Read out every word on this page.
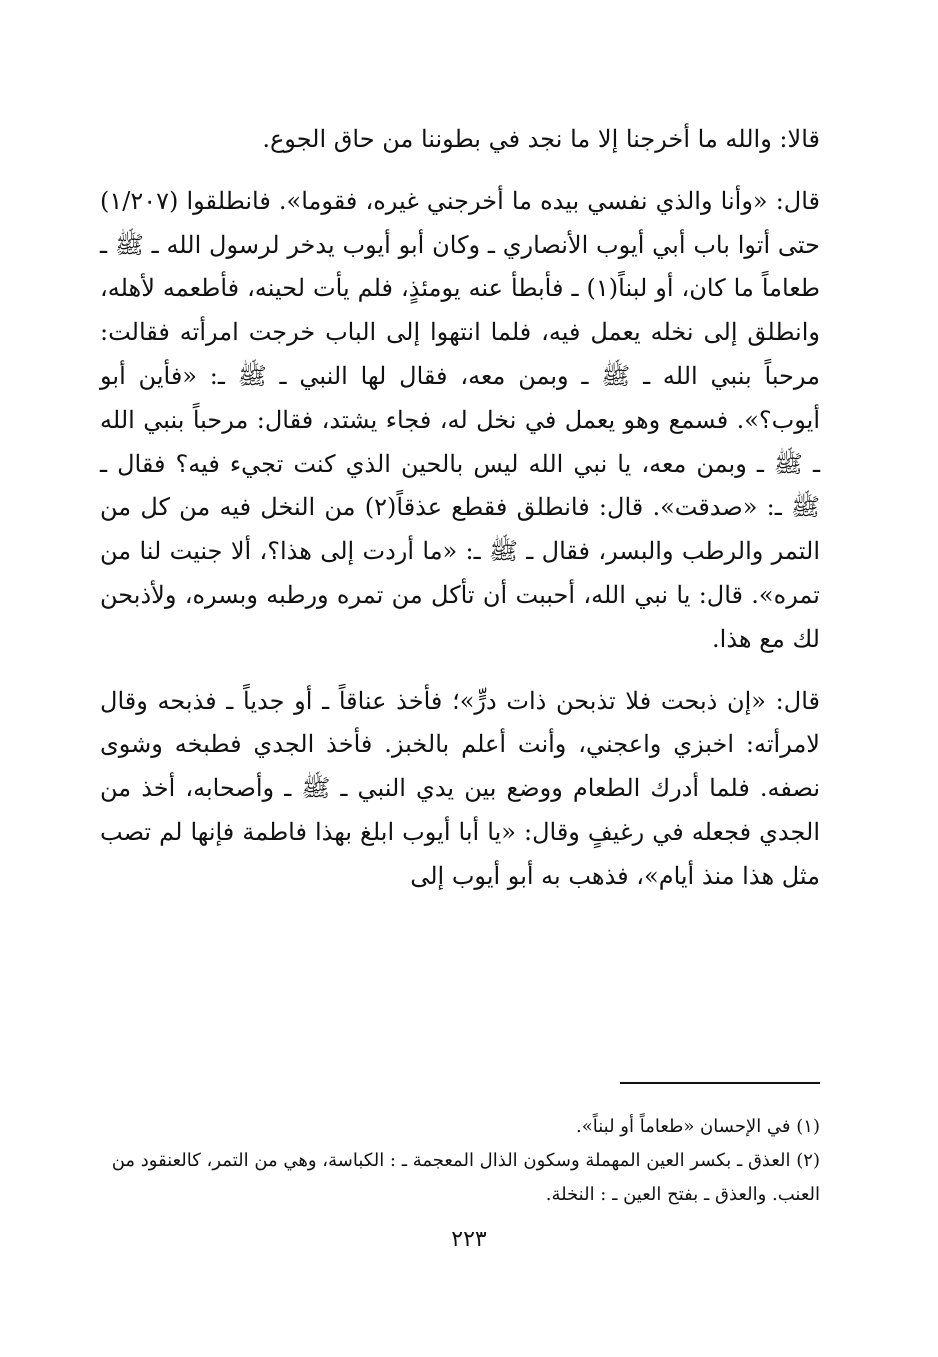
قالا: والله ما أخرجنا إلا ما نجد في بطوننا من حاق الجوع.

قال: «وأنا والذي نفسي بيده ما أخرجني غيره، فقوما». فانطلقوا (١/٢٠٧) حتى أتوا باب أبي أيوب الأنصاري ـ وكان أبو أيوب يدخر لرسول الله ـ ﷺ ـ طعاماً ما كان، أو لبناً(١) ـ فأبطأ عنه يومئذٍ، فلم يأت لحينه، فأطعمه لأهله، وانطلق إلى نخله يعمل فيه، فلما انتهوا إلى الباب خرجت امرأته فقالت: مرحباً بنبي الله ـ ﷺ ـ وبمن معه، فقال لها النبي ـ ﷺ ـ: «فأين أبو أيوب؟». فسمع وهو يعمل في نخل له، فجاء يشتد، فقال: مرحباً بنبي الله ـ ﷺ ـ وبمن معه، يا نبي الله ليس بالحين الذي كنت تجيء فيه؟ فقال ـ ﷺ ـ: «صدقت». قال: فانطلق فقطع عذقاً(٢) من النخل فيه من كل من التمر والرطب والبسر، فقال ـ ﷺ ـ: «ما أردت إلى هذا؟، ألا جنيت لنا من تمره». قال: يا نبي الله، أحببت أن تأكل من تمره ورطبه وبسره، ولأذبحن لك مع هذا.

قال: «إن ذبحت فلا تذبحن ذات درٍّ»؛ فأخذ عناقاً ـ أو جدياً ـ فذبحه وقال لامرأته: اخبزي واعجني، وأنت أعلم بالخبز. فأخذ الجدي فطبخه وشوى نصفه. فلما أدرك الطعام ووضع بين يدي النبي ـ ﷺ ـ وأصحابه، أخذ من الجدي فجعله في رغيفٍ وقال: «يا أبا أيوب ابلغ بهذا فاطمة فإنها لم تصب مثل هذا منذ أيام»، فذهب به أبو أيوب إلى

(١) في الإحسان «طعاماً أو لبناً».

(٢) العذق ـ بكسر العين المهملة وسكون الذال المعجمة ـ : الكباسة، وهي من التمر، كالعنقود من العنب. والعذق ـ بفتح العين ـ : النخلة.

٢٢٣
